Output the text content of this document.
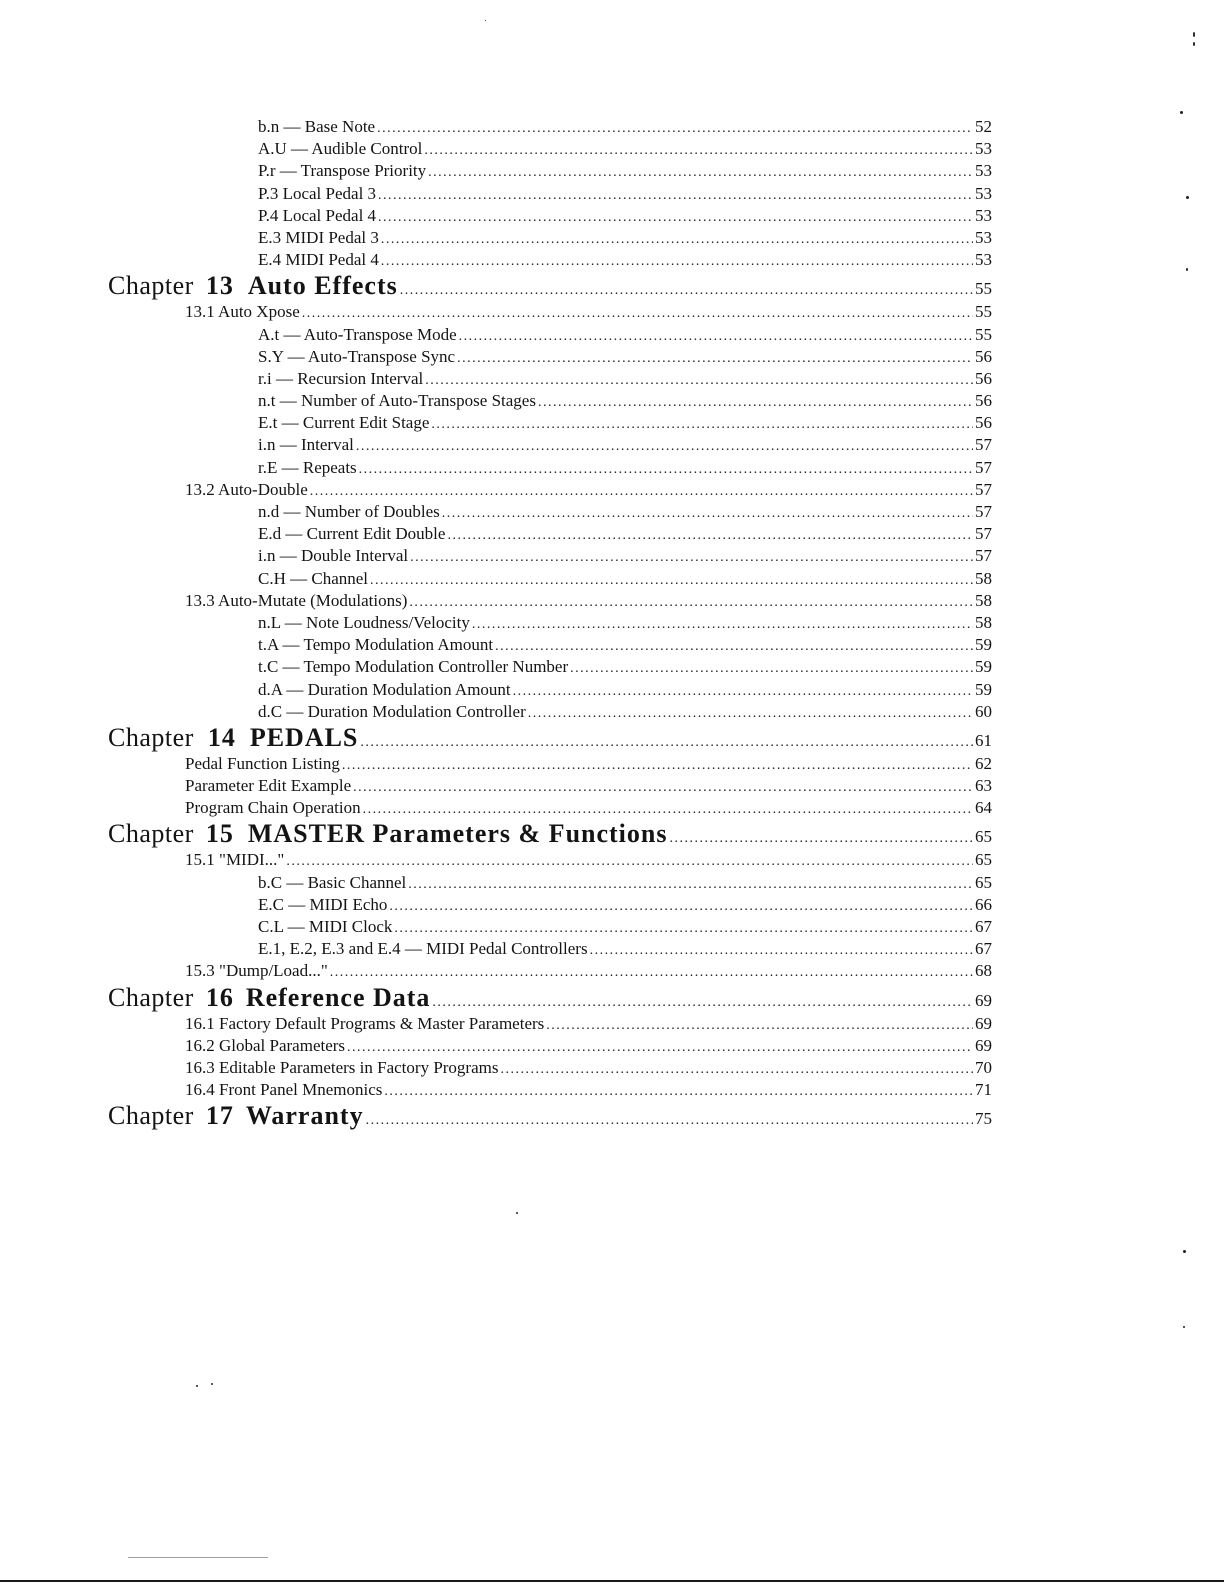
b.n — Base Note .....	52
A.U — Audible Control .....	53
P.r — Transpose Priority .....	53
P.3 Local Pedal 3 .....	53
P.4 Local Pedal 4 .....	53
E.3 MIDI Pedal 3 .....	53
E.4 MIDI Pedal 4 .....	53
Chapter 13 Auto Effects .....	55
13.1 Auto Xpose .....	55
A.t — Auto-Transpose Mode .....	55
S.Y — Auto-Transpose Sync .....	56
r.i — Recursion Interval .....	56
n.t — Number of Auto-Transpose Stages .....	56
E.t — Current Edit Stage .....	56
i.n — Interval .....	57
r.E — Repeats .....	57
13.2 Auto-Double .....	57
n.d — Number of Doubles .....	57
E.d — Current Edit Double .....	57
i.n — Double Interval .....	57
C.H — Channel .....	58
13.3 Auto-Mutate (Modulations) .....	58
n.L — Note Loudness/Velocity .....	58
t.A — Tempo Modulation Amount .....	59
t.C — Tempo Modulation Controller Number .....	59
d.A — Duration Modulation Amount .....	59
d.C — Duration Modulation Controller .....	60
Chapter 14 PEDALS .....	61
Pedal Function Listing .....	62
Parameter Edit Example .....	63
Program Chain Operation .....	64
Chapter 15 MASTER Parameters & Functions .....	65
15.1 "MIDI..." .....	65
b.C — Basic Channel .....	65
E.C — MIDI Echo .....	66
C.L — MIDI Clock .....	67
E.1, E.2, E.3 and E.4 — MIDI Pedal Controllers .....	67
15.3 "Dump/Load..." .....	68
Chapter 16 Reference Data .....	69
16.1 Factory Default Programs & Master Parameters .....	69
16.2 Global Parameters .....	69
16.3 Editable Parameters in Factory Programs .....	70
16.4 Front Panel Mnemonics .....	71
Chapter 17 Warranty .....	75
